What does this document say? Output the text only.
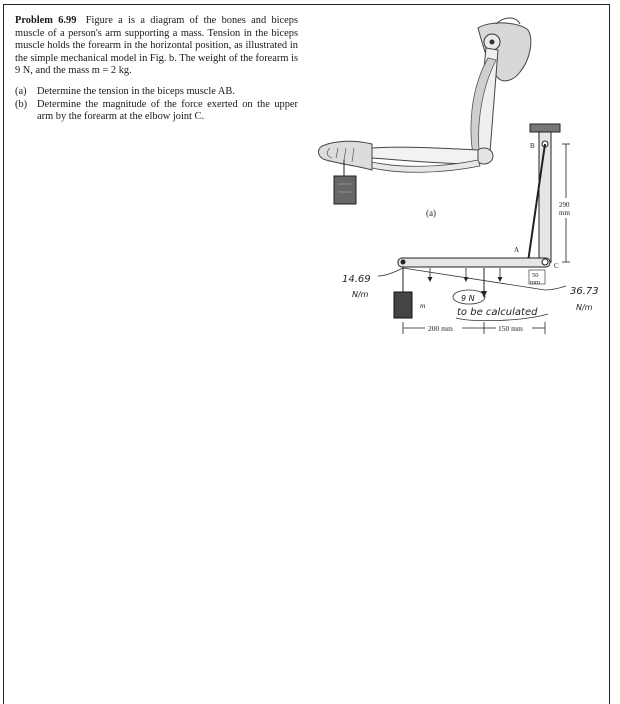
Problem 6.99 Figure a is a diagram of the bones and biceps muscle of a person's arm supporting a mass. Tension in the biceps muscle holds the forearm in the horizontal position, as illustrated in the simple mechanical model in Fig. b. The weight of the forearm is 9 N, and the mass m = 2 kg.

(a)	Determine the tension in the biceps muscle AB.
(b) Determine the magnitude of the force exerted on the upper arm by the forearm at the elbow joint C.
(a)
B
A
C
290
mm
50
mm
9 N
m
to be calculated
200 mm	150 mm
14.69
N/m	36.73
N/m
